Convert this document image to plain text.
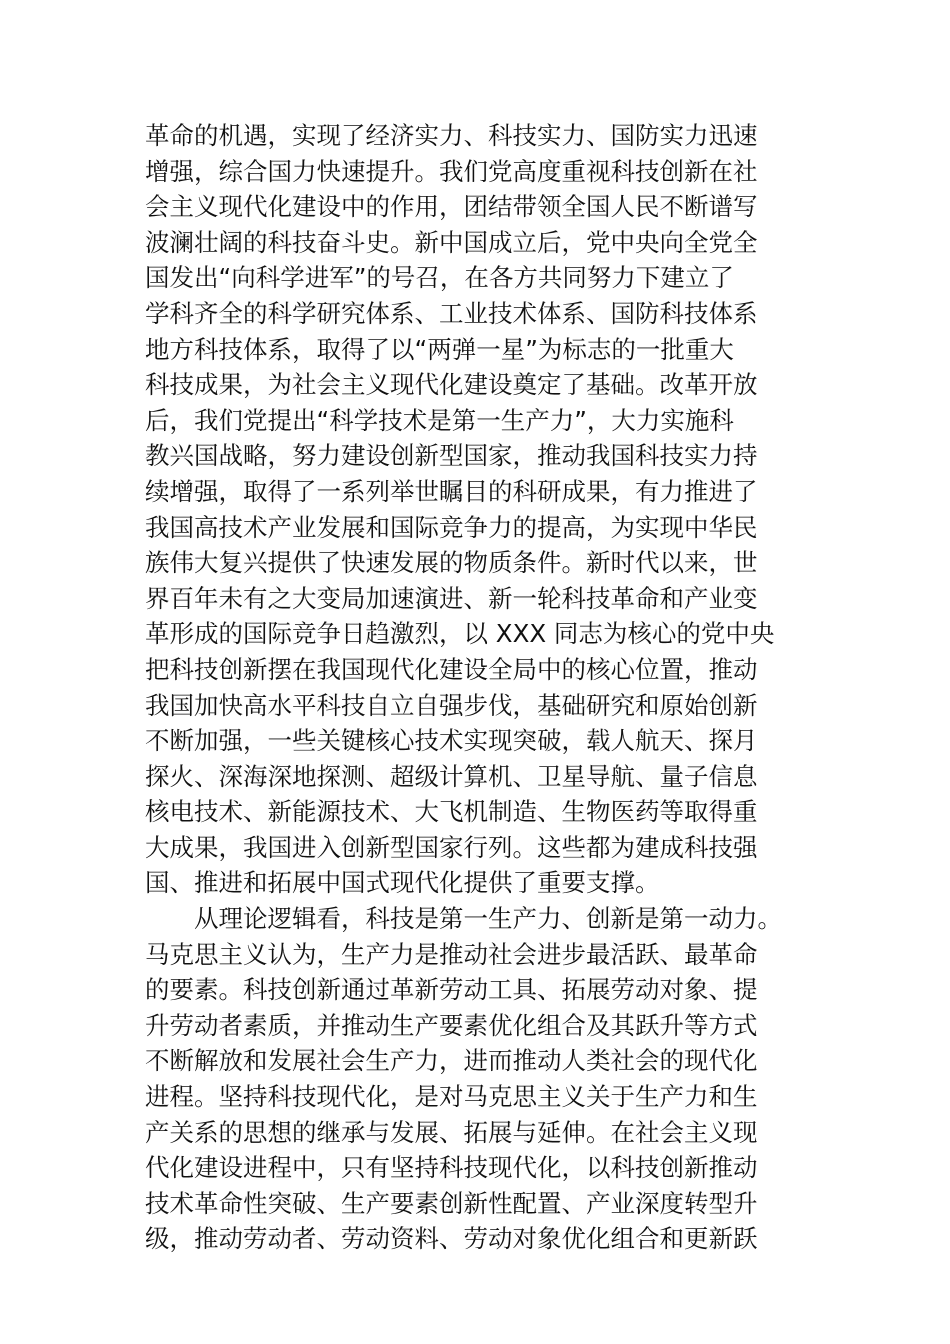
革命的机遇，实现了经济实力、科技实力、国防实力迅速
增强，综合国力快速提升。我们党高度重视科技创新在社
会主义现代化建设中的作用，团结带领全国人民不断谱写
波澜壮阔的科技奋斗史。新中国成立后，党中央向全党全
国发出“向科学进军”的号召，在各方共同努力下建立了
学科齐全的科学研究体系、工业技术体系、国防科技体系
地方科技体系，取得了以“两弹一星”为标志的一批重大
科技成果，为社会主义现代化建设奠定了基础。改革开放
后，我们党提出“科学技术是第一生产力”，大力实施科
教兴国战略，努力建设创新型国家，推动我国科技实力持
续增强，取得了一系列举世瞩目的科研成果，有力推进了
我国高技术产业发展和国际竞争力的提高，为实现中华民
族伟大复兴提供了快速发展的物质条件。新时代以来，世
界百年未有之大变局加速演进、新一轮科技革命和产业变
革形成的国际竞争日趋激烈，以 XXX 同志为核心的党中央
把科技创新摆在我国现代化建设全局中的核心位置，推动
我国加快高水平科技自立自强步伐，基础研究和原始创新
不断加强，一些关键核心技术实现突破，载人航天、探月
探火、深海深地探测、超级计算机、卫星导航、量子信息
核电技术、新能源技术、大飞机制造、生物医药等取得重
大成果，我国进入创新型国家行列。这些都为建成科技强
国、推进和拓展中国式现代化提供了重要支撑。
从理论逻辑看，科技是第一生产力、创新是第一动力。
马克思主义认为，生产力是推动社会进步最活跃、最革命
的要素。科技创新通过革新劳动工具、拓展劳动对象、提
升劳动者素质，并推动生产要素优化组合及其跃升等方式
不断解放和发展社会生产力，进而推动人类社会的现代化
进程。坚持科技现代化，是对马克思主义关于生产力和生
产关系的思想的继承与发展、拓展与延伸。在社会主义现
代化建设进程中，只有坚持科技现代化，以科技创新推动
技术革命性突破、生产要素创新性配置、产业深度转型升
级，推动劳动者、劳动资料、劳动对象优化组合和更新跃
